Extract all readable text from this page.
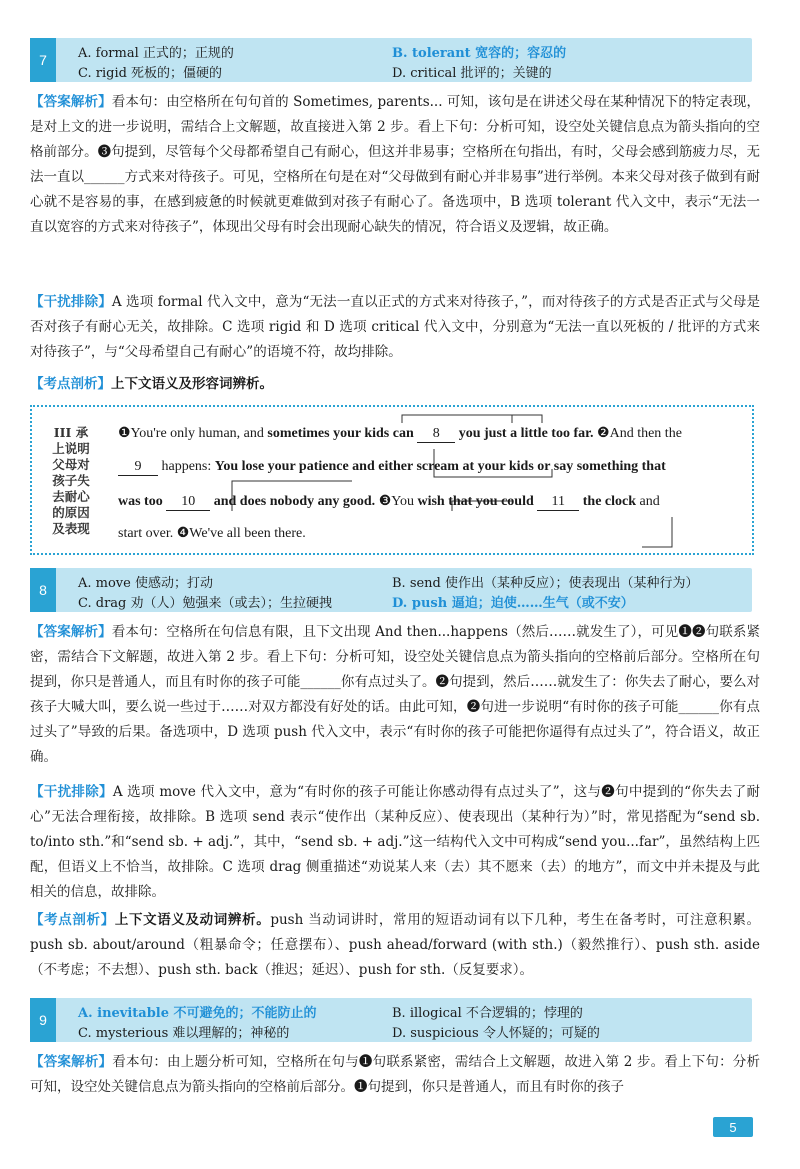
7	A. formal 正式的；正规的	B. tolerant 宽容的；容忍的
C. rigid 死板的；僵硬的	D. critical 批评的；关键的
【答案解析】看本句：由空格所在句句首的 Sometimes, parents... 可知，该句是在讲述父母在某种情况下的特定表现，是对上文的进一步说明，需结合上文解题，故直接进入第 2 步。看上下句：分析可知，设空处关键信息点为箭头指向的空格前部分。❸句提到，尽管每个父母都希望自己有耐心，但这并非易事；空格所在句指出，有时，父母会感到筋疲力尽，无法一直以______方式来对待孩子。可见，空格所在句是在对“父母做到有耐心并非易事”进行举例。本来父母对孩子做到有耐心就不是容易的事，在感到疲惫的时候就更难做到对孩子有耐心了。备选项中，B 选项 tolerant 代入文中，表示“无法一直以宽容的方式来对待孩子”，体现出父母有时会出现耐心缺失的情况，符合语义及逻辑，故正确。
【干扰排除】A 选项 formal 代入文中，意为“无法一直以正式的方式来对待孩子，”，而对待孩子的方式是否正式与父母是否对孩子有耐心无关，故排除。C 选项 rigid 和 D 选项 critical 代入文中，分别意为“无法一直以死板的 / 批评的方式来对待孩子”，与“父母希望自己有耐心”的语境不符，故均排除。
【考点剖析】上下文语义及形容词辨析。
III 承上说明父母对孩子失去耐心的原因及表现
❶You're only human, and sometimes your kids can 8 you just a little too far. ❷And then the
9 happens: You lose your patience and either scream at your kids or say something that
was too 10 and does nobody any good. ❸You wish that you could 11 the clock and
start over. ❹We've all been there.
8	A. move 使感动；打动	B. send 使作出（某种反应）；使表现出（某种行为）
C. drag 劝（人）勉强来（或去）；生拉硬拽	D. push 逼迫；迫使……生气（或不安）
【答案解析】看本句：空格所在句信息有限，且下文出现 And then...happens（然后……就发生了），可见❶❷句联系紧密，需结合下文解题，故进入第 2 步。看上下句：分析可知，设空处关键信息点为箭头指向的空格前后部分。空格所在句提到，你只是普通人，而且有时你的孩子可能______你有点过头了。❷句提到，然后……就发生了：你失去了耐心，要么对孩子大喊大叫，要么说一些过于……对双方都没有好处的话。由此可知，❷句进一步说明“有时你的孩子可能______你有点过头了”导致的后果。备选项中，D 选项 push 代入文中，表示“有时你的孩子可能把你逼得有点过头了”，符合语义，故正确。
【干扰排除】A 选项 move 代入文中，意为“有时你的孩子可能让你感动得有点过头了”，这与❷句中提到的“你失去了耐心”无法合理衔接，故排除。B 选项 send 表示“使作出（某种反应）、使表现出（某种行为）”时，常见搭配为“send sb. to/into sth.”和“send sb. + adj.”，其中，“send sb. + adj.”这一结构代入文中可构成“send you...far”，虽然结构上匹配，但语义上不恰当，故排除。C 选项 drag 侧重描述“劝说某人来（去）其不愿来（去）的地方”，而文中并未提及与此相关的信息，故排除。
【考点剖析】上下文语义及动词辨析。push 当动词讲时，常用的短语动词有以下几种，考生在备考时，可注意积累。push sb. about/around（粗暴命令；任意摆布）、push ahead/forward (with sth.)（毅然推行）、push sth. aside（不考虑；不去想）、push sth. back（推迟；延迟）、push for sth.（反复要求）。
9	A. inevitable 不可避免的；不能防止的	B. illogical 不合逻辑的；悖理的
C. mysterious 难以理解的；神秘的	D. suspicious 令人怀疑的；可疑的
【答案解析】看本句：由上题分析可知，空格所在句与❶句联系紧密，需结合上文解题，故进入第 2 步。看上下句：分析可知，设空处关键信息点为箭头指向的空格前后部分。❶句提到，你只是普通人，而且有时你的孩子
5
